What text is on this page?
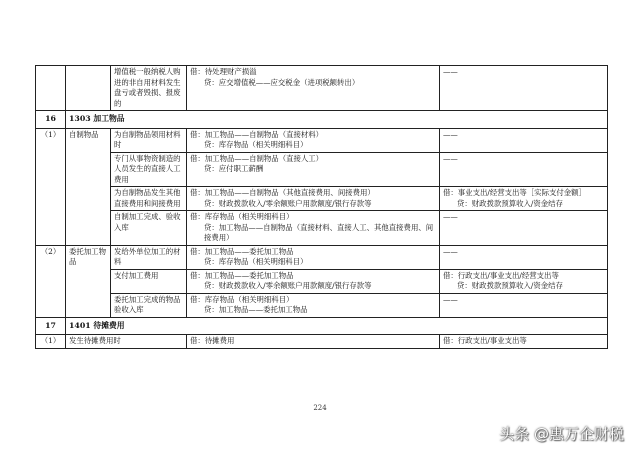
		增值税一般纳税人购进的非自用材料发生盘亏或者毁损、报废的	借：待处理财产损溢
贷：应交增值税——应交税金（进项税额转出）	——
16	1303 加工物品			
（1）	自制物品	为自制物品领用材料时	借：加工物品——自制物品（直接材料）
贷：库存物品（相关明细科目）	——
		专门从事物资制造的人员发生的直接人工费用	借：加工物品——自制物品（直接人工）
贷：应付职工薪酬	——
		为自制物品发生其他直接费用和间接费用	借：加工物品——自制物品（其他直接费用、间接费用）
贷：财政拨款收入/零余额账户用款额度/银行存款等	借：事业支出/经营支出等［实际支付金额］
贷：财政拨款预算收入/资金结存

		自制加工完成、验收入库	借：库存物品（相关明细科目）
贷：加工物品——自制物品（直接材料、直接人工、其他直接费用、间接费用）	——
（2）	委托加工物品	发给外单位加工的材料	借：加工物品——委托加工物品
贷：库存物品（相关明细科目）	——
		支付加工费用	借：加工物品——委托加工物品
贷：财政拨款收入/零余额账户用款额度/银行存款等	借：行政支出/事业支出/经营支出等
贷：财政拨款预算收入/资金结存

		委托加工完成的物品验收入库	借：库存物品（相关明细科目）
贷：加工物品——委托加工物品	——
17	1401 待摊费用			
（1）	发生待摊费用时		借：待摊费用	借：行政支出/事业支出等
224
头条 @惠万企财税
